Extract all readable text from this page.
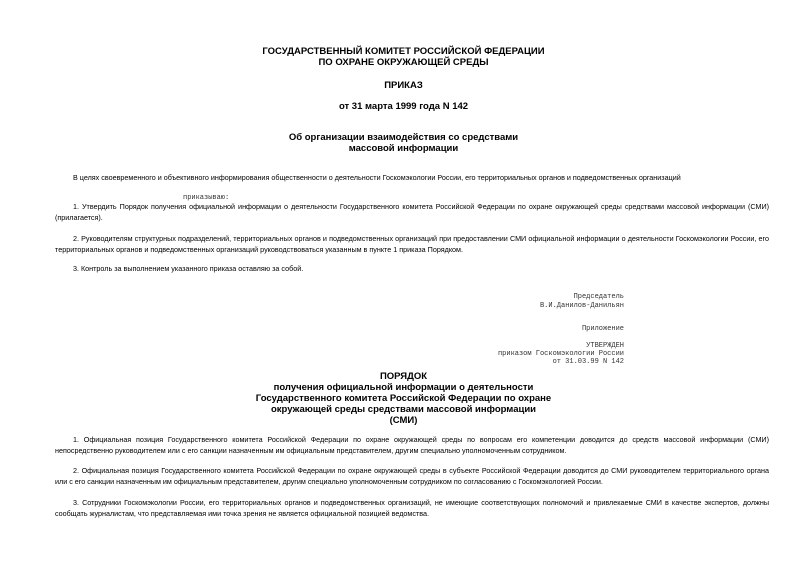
ГОСУДАРСТВЕННЫЙ КОМИТЕТ РОССИЙСКОЙ ФЕДЕРАЦИИ
ПО ОХРАНЕ ОКРУЖАЮЩЕЙ СРЕДЫ
ПРИКАЗ
от 31 марта 1999 года N 142
Об организации взаимодействия со средствами
массовой информации
В целях своевременного и объективного информирования общественности о деятельности Госкомэкологии России, его территориальных органов и подведомственных организаций
приказываю:
1. Утвердить Порядок получения официальной информации о деятельности Государственного комитета Российской Федерации по охране окружающей среды средствами массовой информации (СМИ) (прилагается).
2. Руководителям структурных подразделений, территориальных органов и подведомственных организаций при предоставлении СМИ официальной информации о деятельности Госкомэкологии России, его территориальных органов и подведомственных организаций руководствоваться указанным в пункте 1 приказа Порядком.
3. Контроль за выполнением указанного приказа оставляю за собой.
Председатель
В.И.Данилов-Данильян
Приложение
УТВЕРЖДЕН
приказом Госкомэкологии России
от 31.03.99 N 142
ПОРЯДОК
получения официальной информации о деятельности
Государственного комитета Российской Федерации по охране
окружающей среды средствами массовой информации
(СМИ)
1. Официальная позиция Государственного комитета Российской Федерации по охране окружающей среды по вопросам его компетенции доводится до средств массовой информации (СМИ) непосредственно руководителем или с его санкции назначенным им официальным представителем, другим специально уполномоченным сотрудником.
2. Официальная позиция Государственного комитета Российской Федерации по охране окружающей среды в субъекте Российской Федерации доводится до СМИ руководителем территориального органа или с его санкции назначенным им официальным представителем, другим специально уполномоченным сотрудником по согласованию с Госкомэкологией России.
3. Сотрудники Госкомэкологии России, его территориальных органов и подведомственных организаций, не имеющие соответствующих полномочий и привлекаемые СМИ в качестве экспертов, должны сообщать журналистам, что представляемая ими точка зрения не является официальной позицией ведомства.
